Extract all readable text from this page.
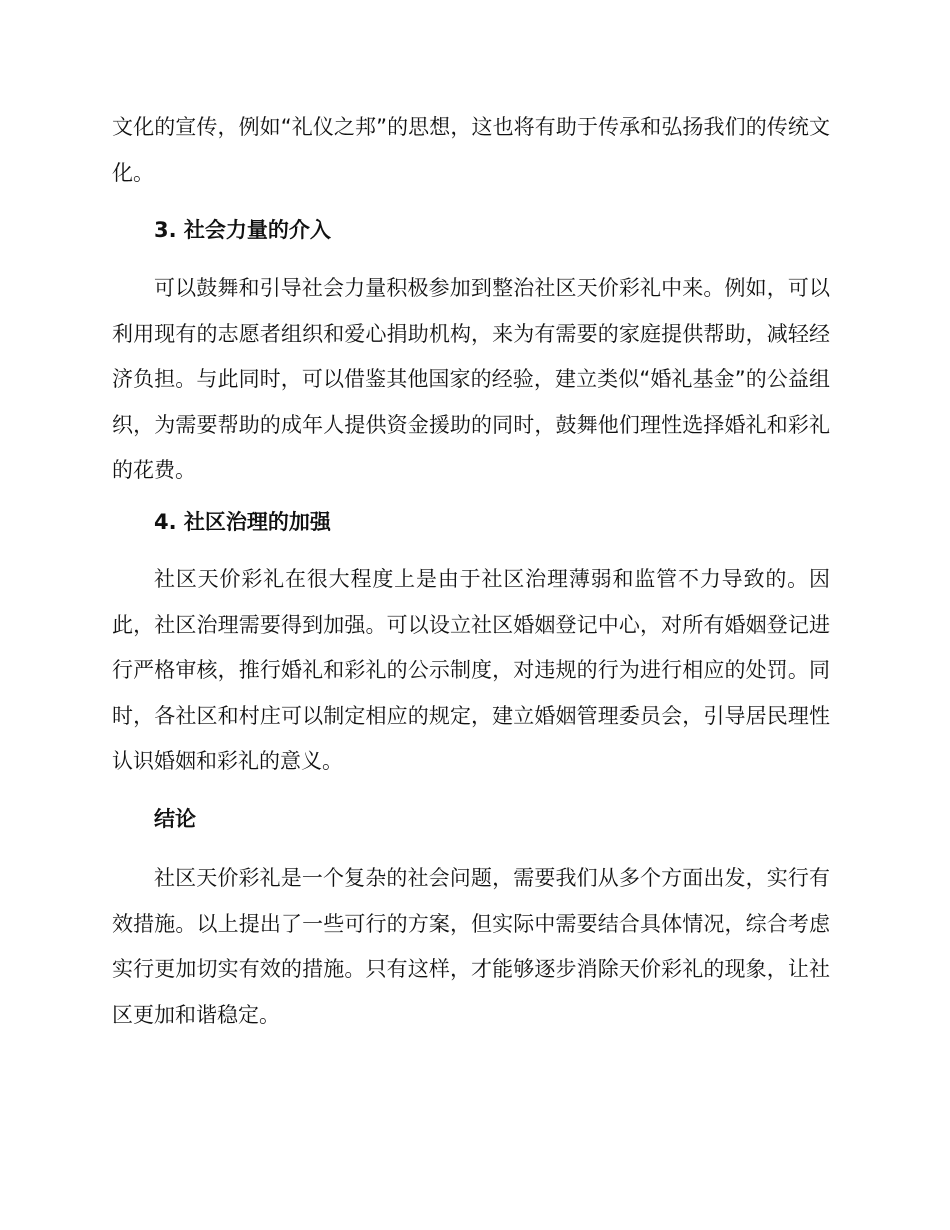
文化的宣传，例如“礼仪之邦”的思想，这也将有助于传承和弘扬我们的传统文化。

3. 社会力量的介入

可以鼓舞和引导社会力量积极参加到整治社区天价彩礼中来。例如，可以利用现有的志愿者组织和爱心捐助机构，来为有需要的家庭提供帮助，减轻经济负担。与此同时，可以借鉴其他国家的经验，建立类似“婚礼基金”的公益组织，为需要帮助的成年人提供资金援助的同时，鼓舞他们理性选择婚礼和彩礼的花费。

4. 社区治理的加强

社区天价彩礼在很大程度上是由于社区治理薄弱和监管不力导致的。因此，社区治理需要得到加强。可以设立社区婚姻登记中心，对所有婚姻登记进行严格审核，推行婚礼和彩礼的公示制度，对违规的行为进行相应的处罚。同时，各社区和村庄可以制定相应的规定，建立婚姻管理委员会，引导居民理性认识婚姻和彩礼的意义。

结论

社区天价彩礼是一个复杂的社会问题，需要我们从多个方面出发，实行有效措施。以上提出了一些可行的方案，但实际中需要结合具体情况，综合考虑实行更加切实有效的措施。只有这样，才能够逐步消除天价彩礼的现象，让社区更加和谐稳定。
